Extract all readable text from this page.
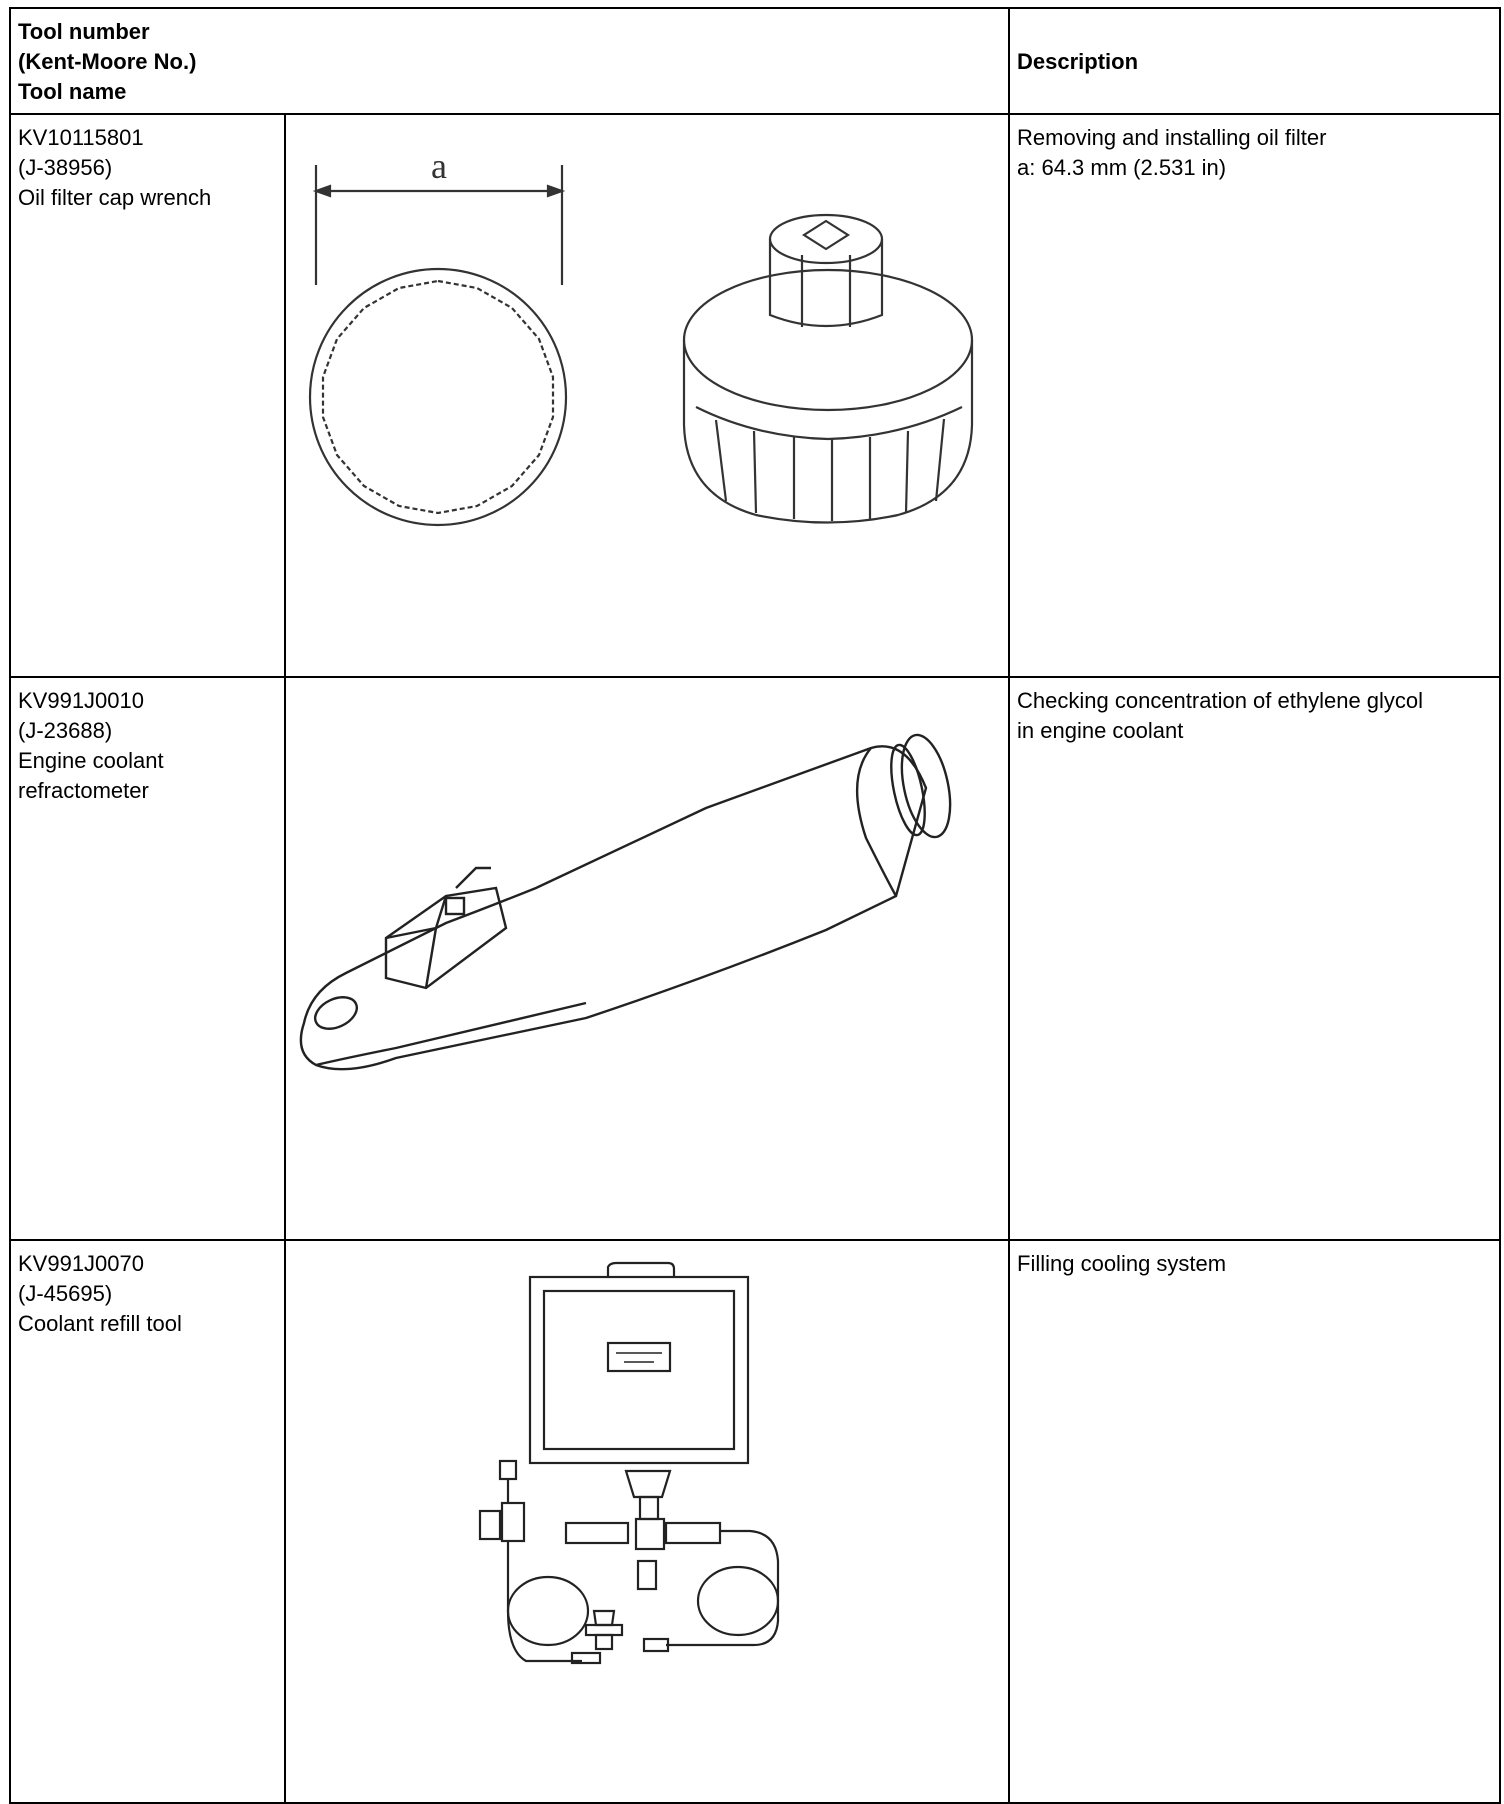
Tool number
(Kent-Moore No.)
Tool name		Description

KV10115801
(J-38956)
Oil filter cap wrench	a	Removing and installing oil filter
a: 64.3 mm (2.531 in)

KV991J0010
(J-23688)
Engine coolant
refractometer		Checking concentration of ethylene glycol
in engine coolant

KV991J0070
(J-45695)
Coolant refill tool		Filling cooling system
